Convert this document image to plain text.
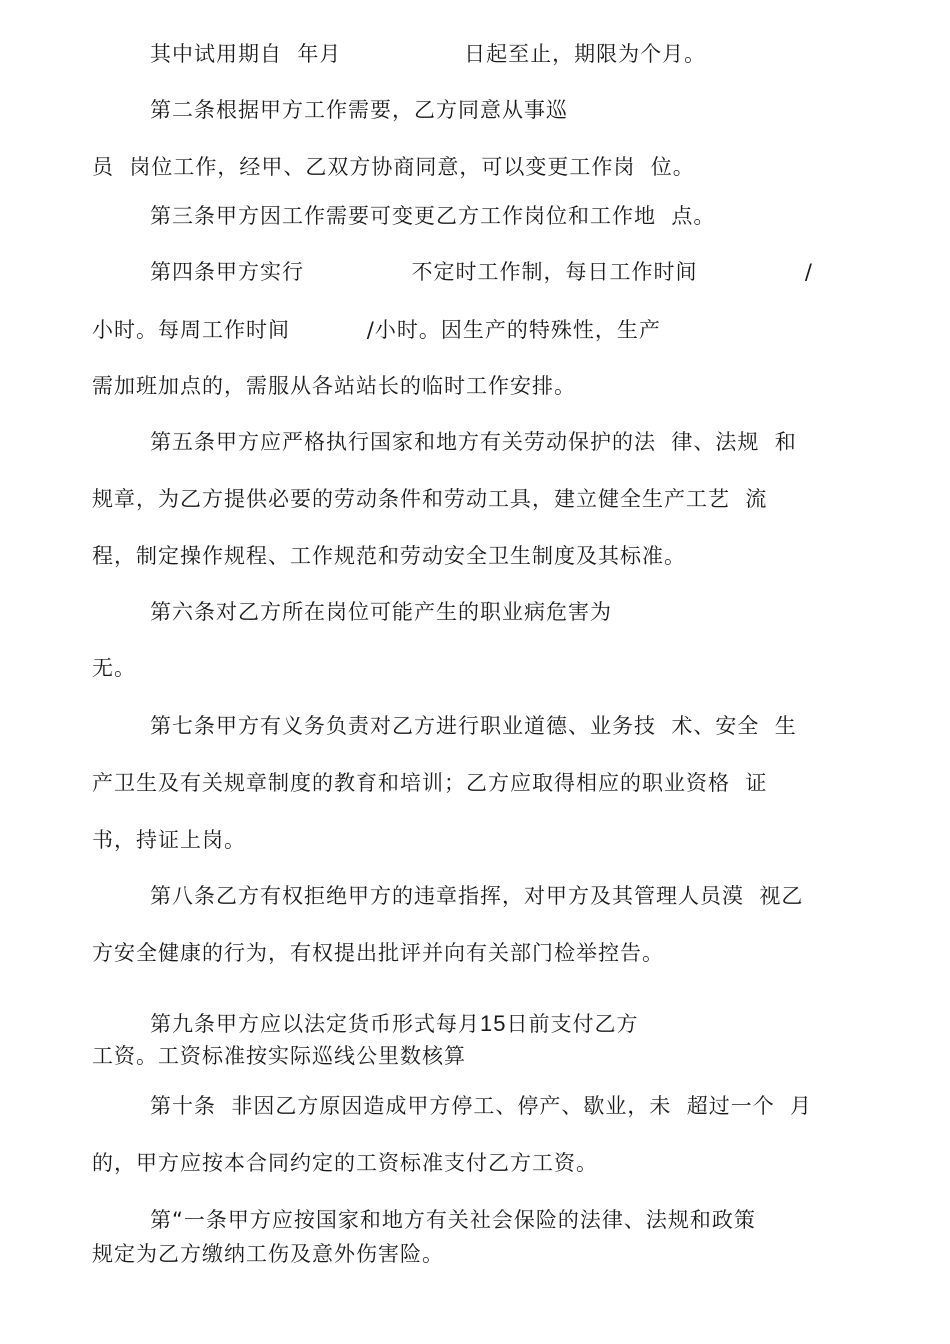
其中试用期自  年月                日起至止，期限为个月。

第二条根据甲方工作需要，乙方同意从事巡

员  岗位工作，经甲、乙双方协商同意，可以变更工作岗  位。

第三条甲方因工作需要可变更乙方工作岗位和工作地  点。

第四条甲方实行              不定时工作制，每日工作时间              /

小时。每周工作时间          /小时。因生产的特殊性，生产

需加班加点的，需服从各站站长的临时工作安排。

第五条甲方应严格执行国家和地方有关劳动保护的法  律、法规  和

规章，为乙方提供必要的劳动条件和劳动工具，建立健全生产工艺  流

程，制定操作规程、工作规范和劳动安全卫生制度及其标准。

第六条对乙方所在岗位可能产生的职业病危害为

无。

第七条甲方有义务负责对乙方进行职业道德、业务技  术、安全  生

产卫生及有关规章制度的教育和培训；乙方应取得相应的职业资格  证

书，持证上岗。

第八条乙方有权拒绝甲方的违章指挥，对甲方及其管理人员漠  视乙

方安全健康的行为，有权提出批评并向有关部门检举控告。

第九条甲方应以法定货币形式每月15日前支付乙方

工资。工资标准按实际巡线公里数核算

第十条  非因乙方原因造成甲方停工、停产、歇业，未  超过一个  月

的，甲方应按本合同约定的工资标准支付乙方工资。

第“一条甲方应按国家和地方有关社会保险的法律、法规和政策

规定为乙方缴纳工伤及意外伤害险。
